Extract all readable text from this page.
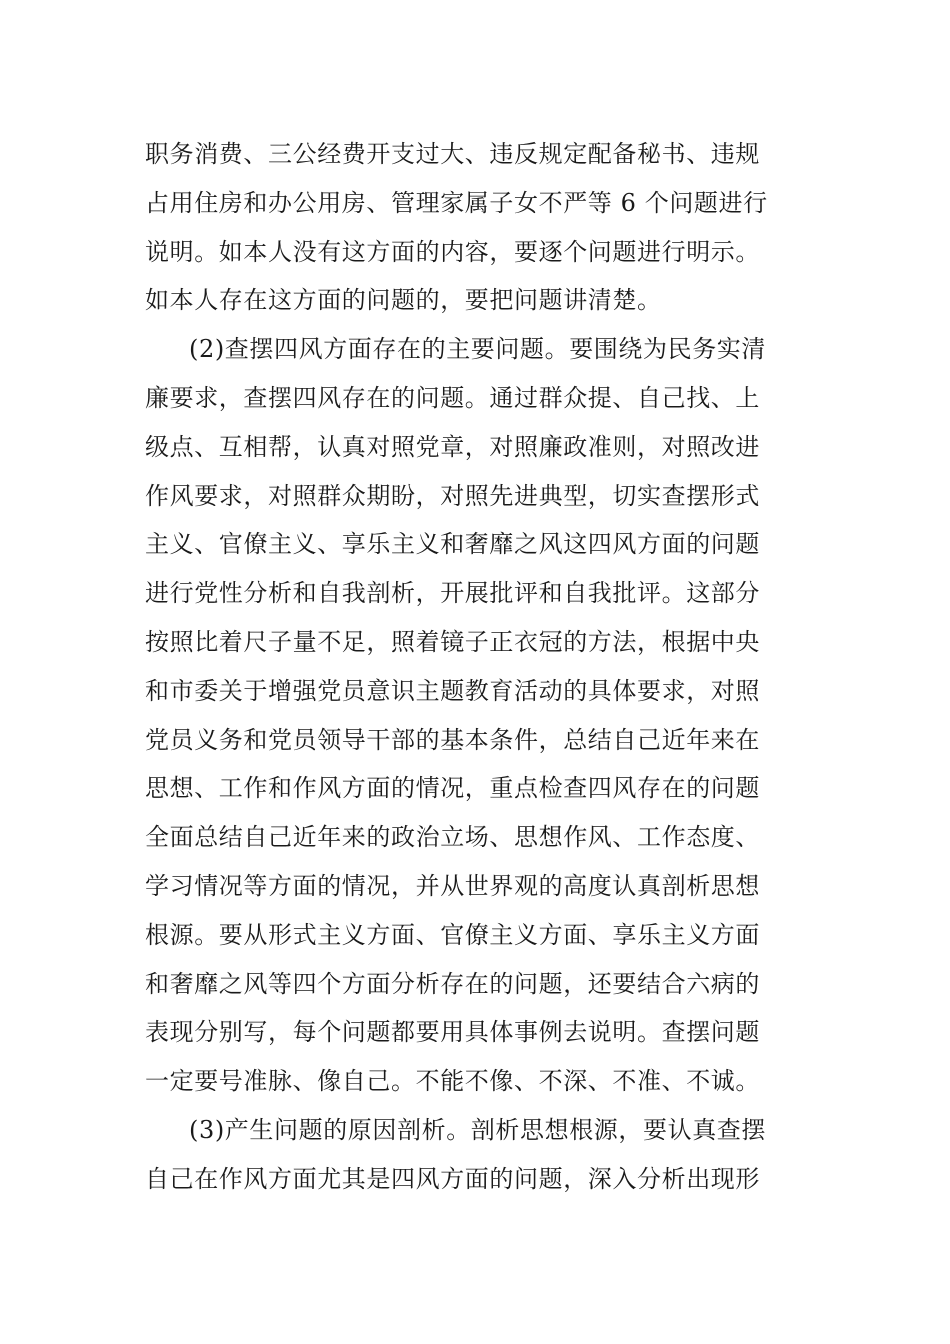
职务消费、三公经费开支过大、违反规定配备秘书、违规
占用住房和办公用房、管理家属子女不严等 6 个问题进行
说明。如本人没有这方面的内容，要逐个问题进行明示。
如本人存在这方面的问题的，要把问题讲清楚。
(2)查摆四风方面存在的主要问题。要围绕为民务实清
廉要求，查摆四风存在的问题。通过群众提、自己找、上
级点、互相帮，认真对照党章，对照廉政准则，对照改进
作风要求，对照群众期盼，对照先进典型，切实查摆形式
主义、官僚主义、享乐主义和奢靡之风这四风方面的问题
进行党性分析和自我剖析，开展批评和自我批评。这部分
按照比着尺子量不足，照着镜子正衣冠的方法，根据中央
和市委关于增强党员意识主题教育活动的具体要求，对照
党员义务和党员领导干部的基本条件，总结自己近年来在
思想、工作和作风方面的情况，重点检查四风存在的问题
全面总结自己近年来的政治立场、思想作风、工作态度、
学习情况等方面的情况，并从世界观的高度认真剖析思想
根源。要从形式主义方面、官僚主义方面、享乐主义方面
和奢靡之风等四个方面分析存在的问题，还要结合六病的
表现分别写，每个问题都要用具体事例去说明。查摆问题
一定要号准脉、像自己。不能不像、不深、不准、不诚。
(3)产生问题的原因剖析。剖析思想根源，要认真查摆
自己在作风方面尤其是四风方面的问题，深入分析出现形
